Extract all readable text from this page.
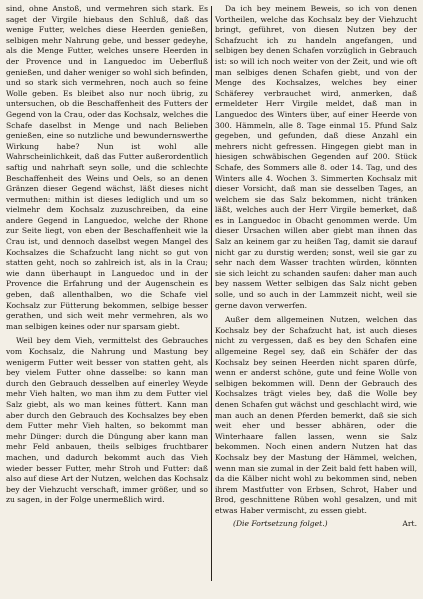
sind, ohne Anstoß, und vermehren sich stark. Es saget der Virgile hiebaus den Schluß, daß das wenige Futter, welches diese Heerden genießen, selbigen mehr Nahrung gebe, und besser gedeyhe, als die Menge Futter, welches unsere Heerden in der Provence und in Languedoc im Ueberfluß genießen, und daher weniger so wohl sich befinden, und so stark sich vermehren, noch auch so feine Wolle geben. Es bleibet also nur noch übrig, zu untersuchen, ob die Beschaffenheit des Futters der Gegend von la Crau, oder das Kochsalz, welches die Schafe daselbst in Menge und nach Belieben genießen, eine so nutzliche und bewundernswerthe Wirkung habe? Nun ist wohl alle Wahrscheinlichkeit, daß das Futter außerordentlich saftig und nahrhaft seyn solle, und die schlechte Beschaffenheit des Weins und Oels, so an denen Gränzen dieser Gegend wächst, läßt dieses nicht vermuthen: mithin ist dieses lediglich und um so vielmehr dem Kochsalz zuzuschreiben, da eine andere Gegend in Languedoc, welche der Rhone zur Seite liegt, von eben der Beschaffenheit wie la Crau ist, und dennoch daselbst wegen Mangel des Kochsalzes die Schafzucht lang nicht so gut von statten geht, noch so zahlreich ist, als in la Crau; wie dann überhaupt in Languedoc und in der Provence die Erfahrung und der Augenschein es geben, daß allenthalben, wo die Schafe viel Kochsalz zur Fütterung bekommen, selbige besser gerathen, und sich weit mehr vermehren, als wo man selbigen keines oder nur sparsam giebt.

Weil bey dem Vieh, vermittelst des Gebrauches vom Kochsalz, die Nahrung und Mastung bey wenigerm Futter weit besser von statten geht, als bey vielem Futter ohne dasselbe: so kann man durch den Gebrauch desselben auf einerley Weyde mehr Vieh halten, wo man ihm zu dem Futter viel Salz giebt, als wo man keines füttert. Kann man aber durch den Gebrauch des Kochsalzes bey eben dem Futter mehr Vieh halten, so bekommt man mehr Dünger: durch die Düngung aber kann man mehr Feld anbauen, theils selbiges fruchtbarer machen, und dadurch bekommt auch das Vieh wieder besser Futter, mehr Stroh und Futter: daß also auf diese Art der Nutzen, welchen das Kochsalz bey der Viehzucht verschaft, immer größer, und so zu sagen, in der Folge unermeßlich wird.

Da ich bey meinem Beweis, so ich von denen Vortheilen, welche das Kochsalz bey der Viehzucht bringt, geführet, von diesen Nutzen bey der Schafzucht ich zu handeln angefangen, und selbigen bey denen Schafen vorzüglich in Gebrauch ist: so will ich noch weiter von der Zeit, und wie oft man selbiges denen Schafen giebt, und von der Menge des Kochsalzes, welches bey einer Schäferey verbrauchet wird, anmerken, daß ermeldeter Herr Virgile meldet, daß man in Languedoc des Winters über, auf einer Heerde von 300. Hämmeln, alle 8. Tage einmal 15. Pfund Salz gegeben, und gefunden, daß diese Anzahl ein mehrers nicht gefressen. Hingegen giebt man in hiesigen schwäbischen Gegenden auf 200. Stück Schafe, des Sommers alle 8. oder 14. Tag, und des Winters alle 4. Wochen 3. Simmerten Kochsalz mit dieser Vorsicht, daß man sie desselben Tages, an welchem sie das Salz bekommen, nicht tränken läßt, welches auch der Herr Virgile bemerket, daß es in Languedoc in Obacht genommen werde. Um dieser Ursachen willen aber giebt man ihnen das Salz an keinem gar zu heißen Tag, damit sie darauf nicht gar zu durstig werden; sonst, weil sie gar zu sehr nach dem Wasser trachten würden, könnten sie sich leicht zu schanden saufen: daher man auch bey nassem Wetter selbigen das Salz nicht geben solle, und so auch in der Lammzeit nicht, weil sie gerne davon verwerfen.

Außer dem allgemeinen Nutzen, welchen das Kochsalz bey der Schafzucht hat, ist auch dieses nicht zu vergessen, daß es bey den Schafen eine allgemeine Regel sey, daß ein Schäfer der das Kochsalz bey seinen Heerden nicht sparen dürfe, wenn er anderst schöne, gute und feine Wolle von selbigen bekommen will. Denn der Gebrauch des Kochsalzes trägt vieles bey, daß die Wolle bey denen Schafen gut wächst und geschlacht wird, wie man auch an denen Pferden bemerkt, daß sie sich weit eher und besser abhären, oder die Winterhaare fallen lassen, wenn sie Salz bekommen. Noch einen andern Nutzen hat das Kochsalz bey der Mastung der Hämmel, welchen, wenn man sie zumal in der Zeit bald fett haben will, da die Kälber nicht wohl zu bekommen sind, neben ihrem Mastfutter von Erbsen, Schrot, Haber und Brod, geschnittene Rüben wohl gesalzen, und mit etwas Haber vermischt, zu essen giebt.

(Die Fortsetzung folget.)	Art.
